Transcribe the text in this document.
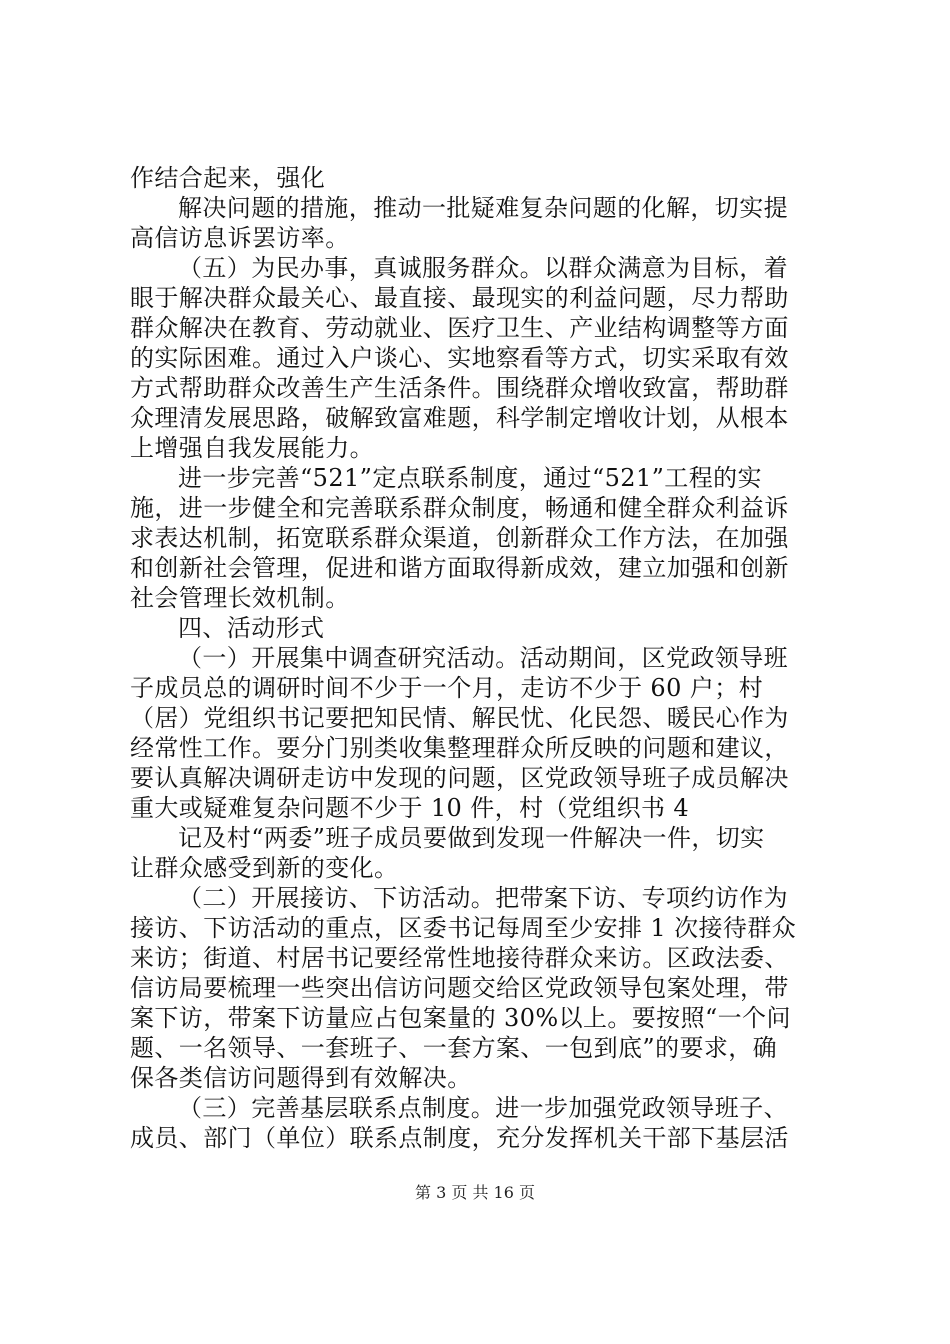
作结合起来，强化
解决问题的措施，推动一批疑难复杂问题的化解，切实提
高信访息诉罢访率。
（五）为民办事，真诚服务群众。以群众满意为目标，着
眼于解决群众最关心、最直接、最现实的利益问题，尽力帮助
群众解决在教育、劳动就业、医疗卫生、产业结构调整等方面
的实际困难。通过入户谈心、实地察看等方式，切实采取有效
方式帮助群众改善生产生活条件。围绕群众增收致富，帮助群
众理清发展思路，破解致富难题，科学制定增收计划，从根本
上增强自我发展能力。
进一步完善“521”定点联系制度，通过“521”工程的实
施，进一步健全和完善联系群众制度，畅通和健全群众利益诉
求表达机制，拓宽联系群众渠道，创新群众工作方法，在加强
和创新社会管理，促进和谐方面取得新成效，建立加强和创新
社会管理长效机制。
四、活动形式
（一）开展集中调查研究活动。活动期间，区党政领导班
子成员总的调研时间不少于一个月，走访不少于 60 户；村
（居）党组织书记要把知民情、解民忧、化民怨、暖民心作为
经常性工作。要分门别类收集整理群众所反映的问题和建议，
要认真解决调研走访中发现的问题，区党政领导班子成员解决
重大或疑难复杂问题不少于 10 件，村（党组织书 4
记及村“两委”班子成员要做到发现一件解决一件，切实
让群众感受到新的变化。
（二）开展接访、下访活动。把带案下访、专项约访作为
接访、下访活动的重点，区委书记每周至少安排 1 次接待群众
来访；街道、村居书记要经常性地接待群众来访。区政法委、
信访局要梳理一些突出信访问题交给区党政领导包案处理，带
案下访，带案下访量应占包案量的 30%以上。要按照“一个问
题、一名领导、一套班子、一套方案、一包到底”的要求，确
保各类信访问题得到有效解决。
（三）完善基层联系点制度。进一步加强党政领导班子、
成员、部门（单位）联系点制度，充分发挥机关干部下基层活
第 3 页 共 16 页
